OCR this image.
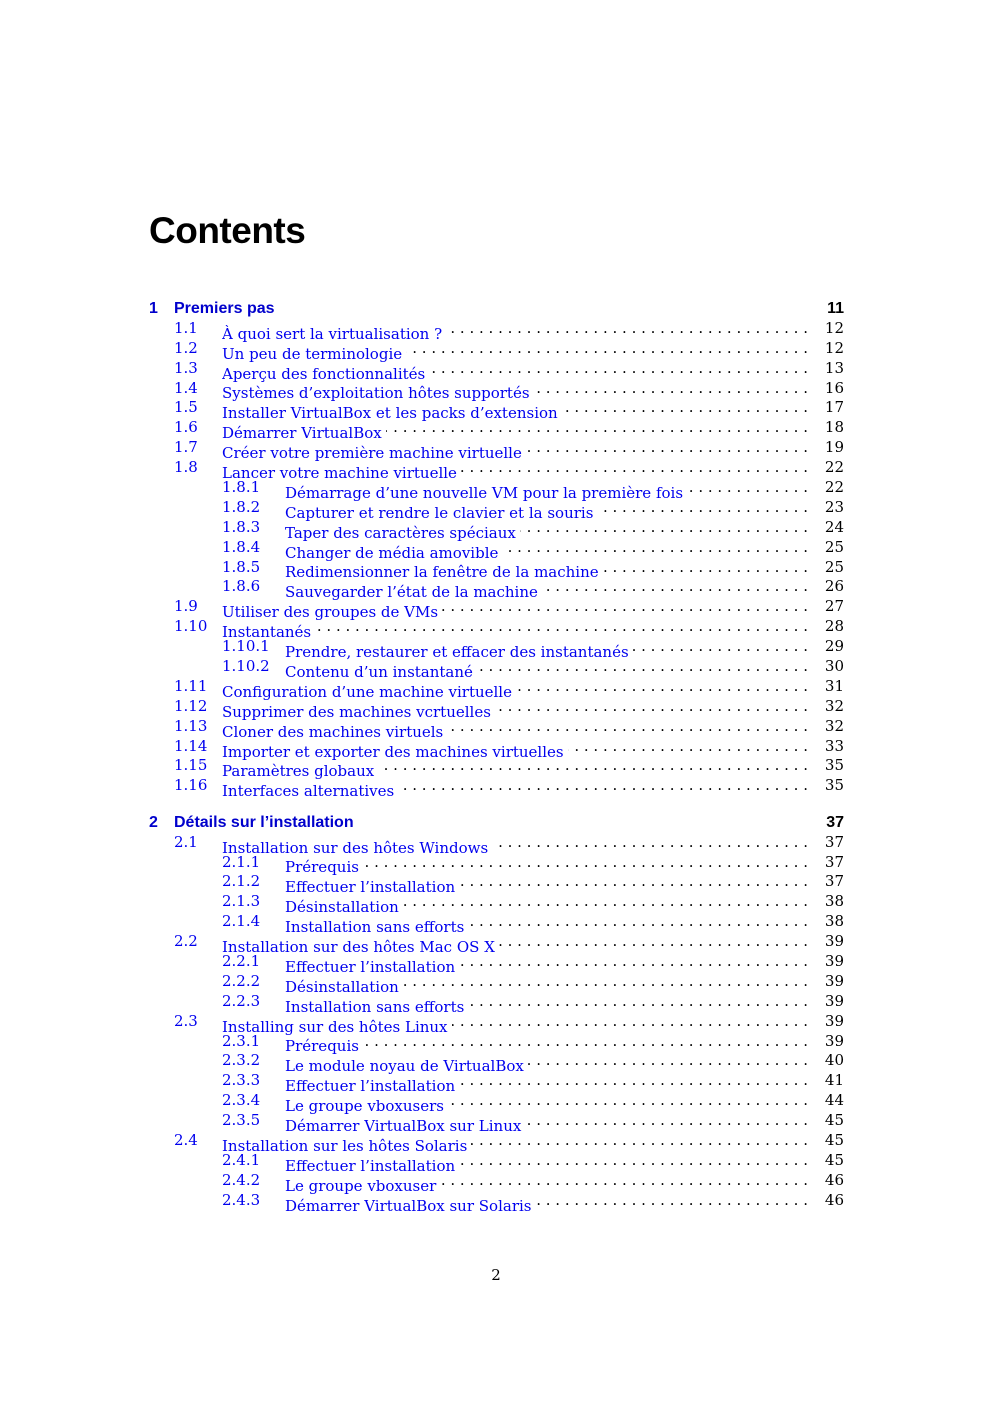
Contents
1 Premiers pas	11
1.1 À quoi sert la virtualisation ? . . .	12
1.2 Un peu de terminologie . . .	12
1.3 Aperçu des fonctionnalités . . .	13
1.4 Systèmes d’exploitation hôtes supportés . . .	16
1.5 Installer VirtualBox et les packs d’extension . . .	17
1.6 Démarrer VirtualBox . . .	18
1.7 Créer votre première machine virtuelle . . .	19
1.8 Lancer votre machine virtuelle . . .	22
1.8.1 Démarrage d’une nouvelle VM pour la première fois . . .	22
1.8.2 Capturer et rendre le clavier et la souris . . .	23
1.8.3 Taper des caractères spéciaux . . .	24
1.8.4 Changer de média amovible . . .	25
1.8.5 Redimensionner la fenêtre de la machine . . .	25
1.8.6 Sauvegarder l’état de la machine . . .	26
1.9 Utiliser des groupes de VMs . . .	27
1.10 Instantanés . . .	28
1.10.1 Prendre, restaurer et effacer des instantanés . . .	29
1.10.2 Contenu d’un instantané . . .	30
1.11 Configuration d’une machine virtuelle . . .	31
1.12 Supprimer des machines vcrtuelles . . .	32
1.13 Cloner des machines virtuels . . .	32
1.14 Importer et exporter des machines virtuelles . . .	33
1.15 Paramètres globaux . . .	35
1.16 Interfaces alternatives . . .	35
2 Détails sur l’installation	37
2.1 Installation sur des hôtes Windows . . .	37
2.1.1 Prérequis . . .	37
2.1.2 Effectuer l’installation . . .	37
2.1.3 Désinstallation . . .	38
2.1.4 Installation sans efforts . . .	38
2.2 Installation sur des hôtes Mac OS X . . .	39
2.2.1 Effectuer l’installation . . .	39
2.2.2 Désinstallation . . .	39
2.2.3 Installation sans efforts . . .	39
2.3 Installing sur des hôtes Linux . . .	39
2.3.1 Prérequis . . .	39
2.3.2 Le module noyau de VirtualBox . . .	40
2.3.3 Effectuer l’installation . . .	41
2.3.4 Le groupe vboxusers . . .	44
2.3.5 Démarrer VirtualBox sur Linux . . .	45
2.4 Installation sur les hôtes Solaris . . .	45
2.4.1 Effectuer l’installation . . .	45
2.4.2 Le groupe vboxuser . . .	46
2.4.3 Démarrer VirtualBox sur Solaris . . .	46
2
